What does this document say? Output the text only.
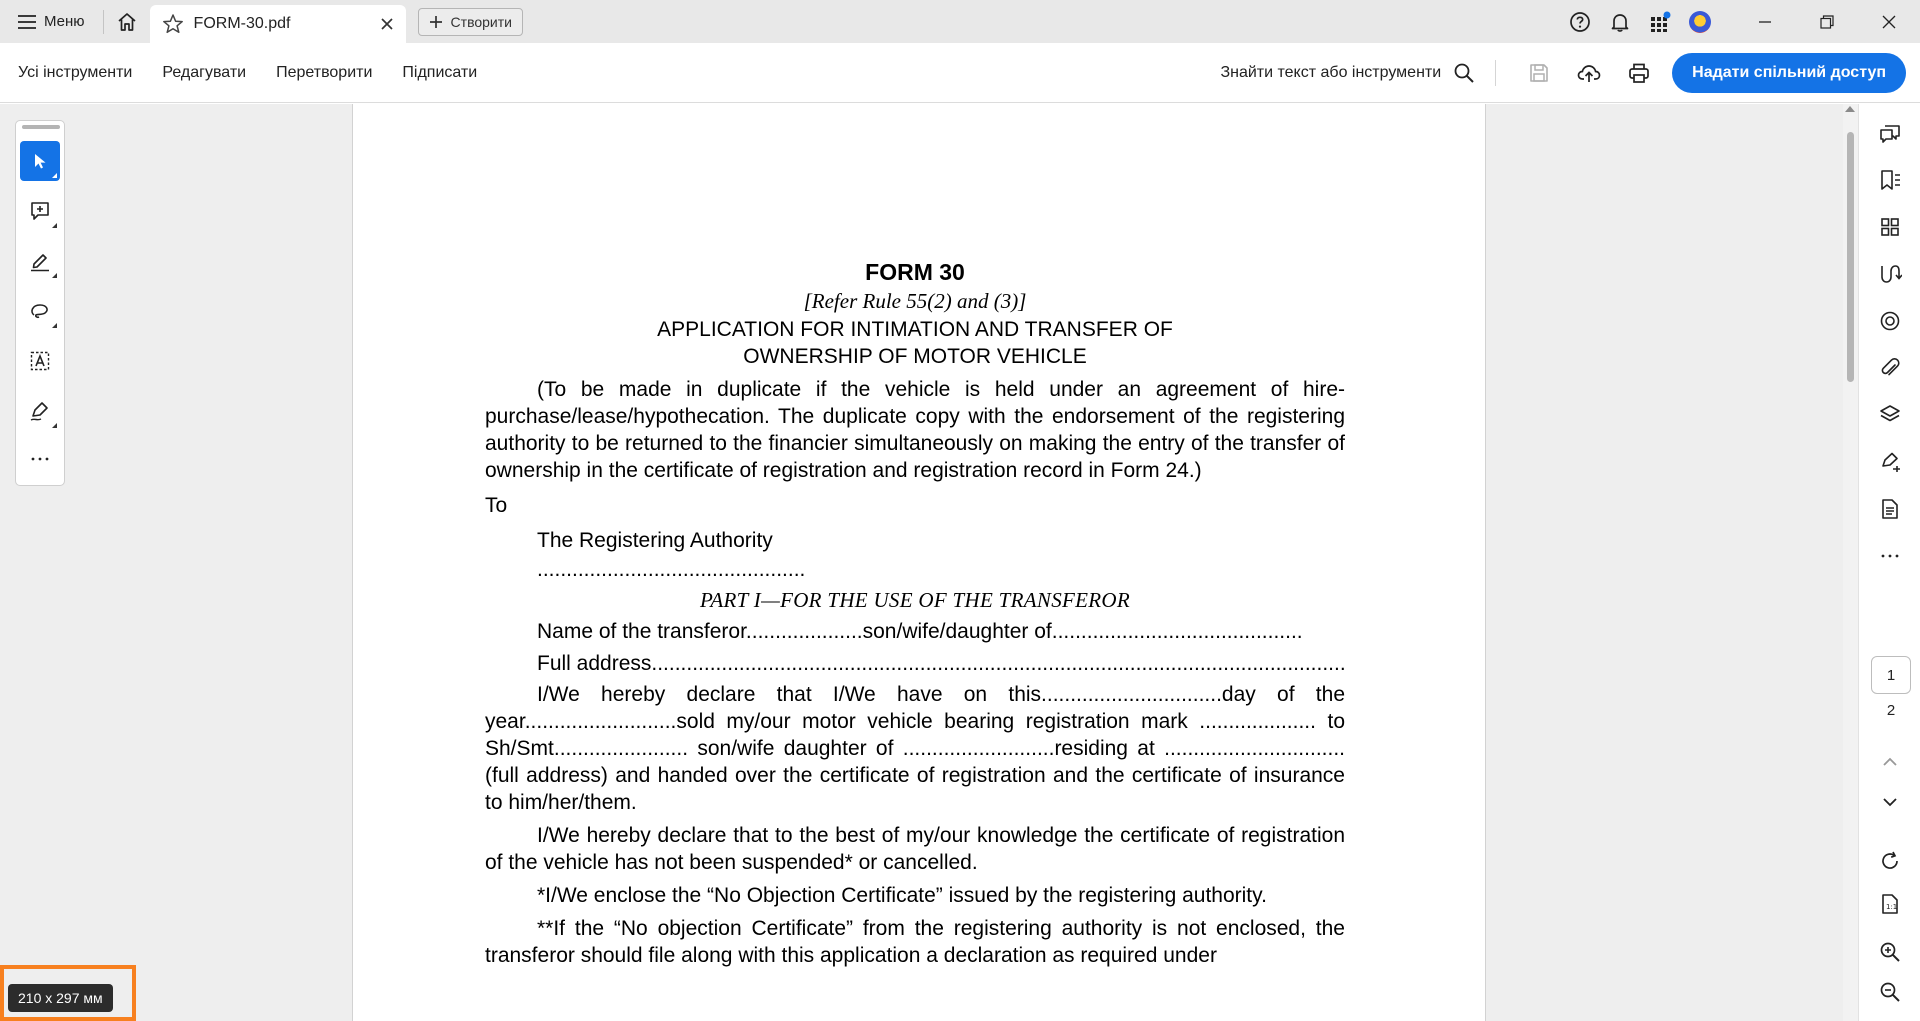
Меню	FORM-30.pdf	Створити
Усі інструменти Редагувати Перетворити Підписати	Знайти текст або інструменти	Надати спільний доступ
FORM 30
[Refer Rule 55(2) and (3)]
APPLICATION FOR INTIMATION AND TRANSFER OF
OWNERSHIP OF MOTOR VEHICLE

(To be made in duplicate if the vehicle is held under an agreement of hire-purchase/lease/hypothecation. The duplicate copy with the endorsement of the registering authority to be returned to the financier simultaneously on making the entry of the transfer of ownership in the certificate of registration and registration record in Form 24.)

To

The Registering Authority

..............................................

PART I—FOR THE USE OF THE TRANSFEROR

Name of the transferor....................son/wife/daughter of...........................................

Full address.......................................................................................................................

I/We hereby declare that I/We have on this...............................day of the year..........................sold my/our motor vehicle bearing registration mark .................... to Sh/Smt....................... son/wife daughter of ..........................residing at ............................... (full address) and handed over the certificate of registration and the certificate of insurance to him/her/them.

I/We hereby declare that to the best of my/our knowledge the certificate of registration of the vehicle has not been suspended* or cancelled.

*I/We enclose the “No Objection Certificate” issued by the registering authority.

**If the “No objection Certificate” from the registering authority is not enclosed, the transferor should file along with this application a declaration as required under

1
2
1:1
210 x 297 мм
